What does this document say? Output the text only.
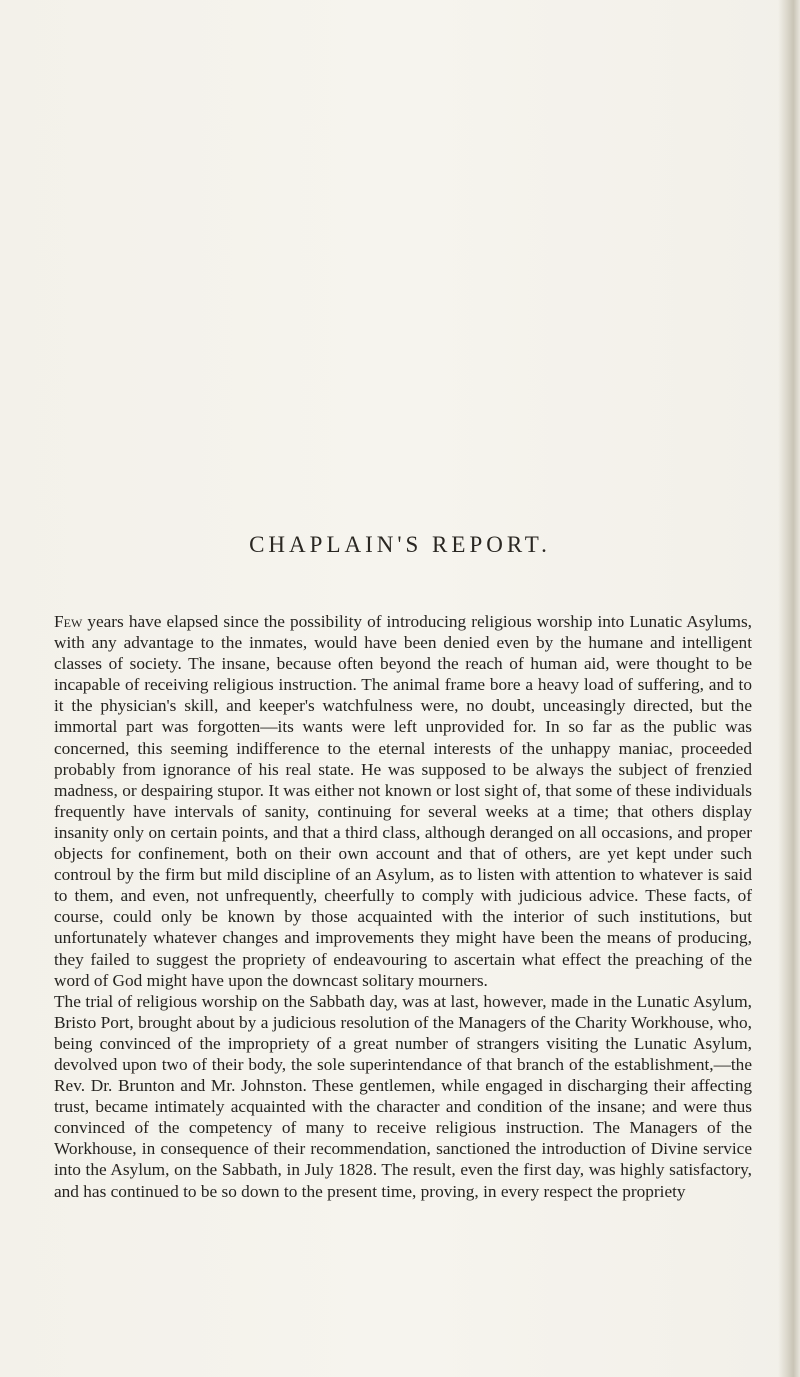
CHAPLAIN'S REPORT.

Few years have elapsed since the possibility of introducing religious worship into Lunatic Asylums, with any advantage to the inmates, would have been denied even by the humane and intelligent classes of society. The insane, because often beyond the reach of human aid, were thought to be incapable of receiving religious instruction. The animal frame bore a heavy load of suffering, and to it the physician's skill, and keeper's watchfulness were, no doubt, unceasingly directed, but the immortal part was forgotten—its wants were left unprovided for. In so far as the public was concerned, this seeming indifference to the eternal interests of the unhappy maniac, proceeded probably from ignorance of his real state. He was supposed to be always the subject of frenzied madness, or despairing stupor. It was either not known or lost sight of, that some of these individuals frequently have intervals of sanity, continuing for several weeks at a time; that others display insanity only on certain points, and that a third class, although deranged on all occasions, and proper objects for confinement, both on their own account and that of others, are yet kept under such controul by the firm but mild discipline of an Asylum, as to listen with attention to whatever is said to them, and even, not unfrequently, cheerfully to comply with judicious advice. These facts, of course, could only be known by those acquainted with the interior of such institutions, but unfortunately whatever changes and improvements they might have been the means of producing, they failed to suggest the propriety of endeavouring to ascertain what effect the preaching of the word of God might have upon the downcast solitary mourners.

The trial of religious worship on the Sabbath day, was at last, however, made in the Lunatic Asylum, Bristo Port, brought about by a judicious resolution of the Managers of the Charity Workhouse, who, being convinced of the impropriety of a great number of strangers visiting the Lunatic Asylum, devolved upon two of their body, the sole superintendance of that branch of the establishment,—the Rev. Dr. Brunton and Mr. Johnston. These gentlemen, while engaged in discharging their affecting trust, became intimately acquainted with the character and condition of the insane; and were thus convinced of the competency of many to receive religious instruction. The Managers of the Workhouse, in consequence of their recommendation, sanctioned the introduction of Divine service into the Asylum, on the Sabbath, in July 1828. The result, even the first day, was highly satisfactory, and has continued to be so down to the present time, proving, in every respect the propriety
